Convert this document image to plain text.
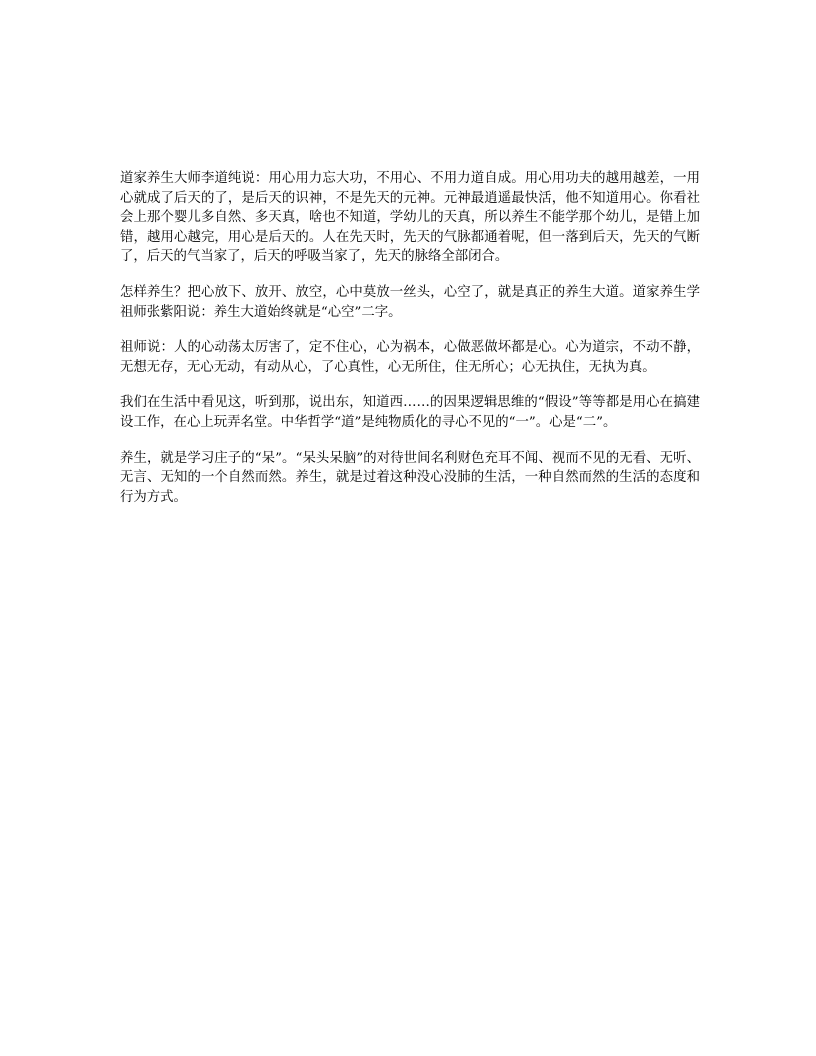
道家养生大师李道纯说：用心用力忘大功，不用心、不用力道自成。用心用功夫的越用越差，一用心就成了后天的了，是后天的识神，不是先天的元神。元神最逍遥最快活，他不知道用心。你看社会上那个婴儿多自然、多天真，啥也不知道，学幼儿的天真，所以养生不能学那个幼儿，是错上加错，越用心越完，用心是后天的。人在先天时，先天的气脉都通着呢，但一落到后天，先天的气断了，后天的气当家了，后天的呼吸当家了，先天的脉络全部闭合。

怎样养生？把心放下、放开、放空，心中莫放一丝头，心空了，就是真正的养生大道。道家养生学祖师张紫阳说：养生大道始终就是“心空”二字。

祖师说：人的心动荡太厉害了，定不住心，心为祸本，心做恶做坏都是心。心为道宗，不动不静，无想无存，无心无动，有动从心，了心真性，心无所住，住无所心；心无执住，无执为真。

我们在生活中看见这，听到那，说出东，知道西……的因果逻辑思维的“假设”等等都是用心在搞建设工作，在心上玩弄名堂。中华哲学“道”是纯物质化的寻心不见的“一”。心是“二”。

养生，就是学习庄子的“呆”。“呆头呆脑”的对待世间名利财色充耳不闻、视而不见的无看、无听、无言、无知的一个自然而然。养生，就是过着这种没心没肺的生活，一种自然而然的生活的态度和行为方式。
